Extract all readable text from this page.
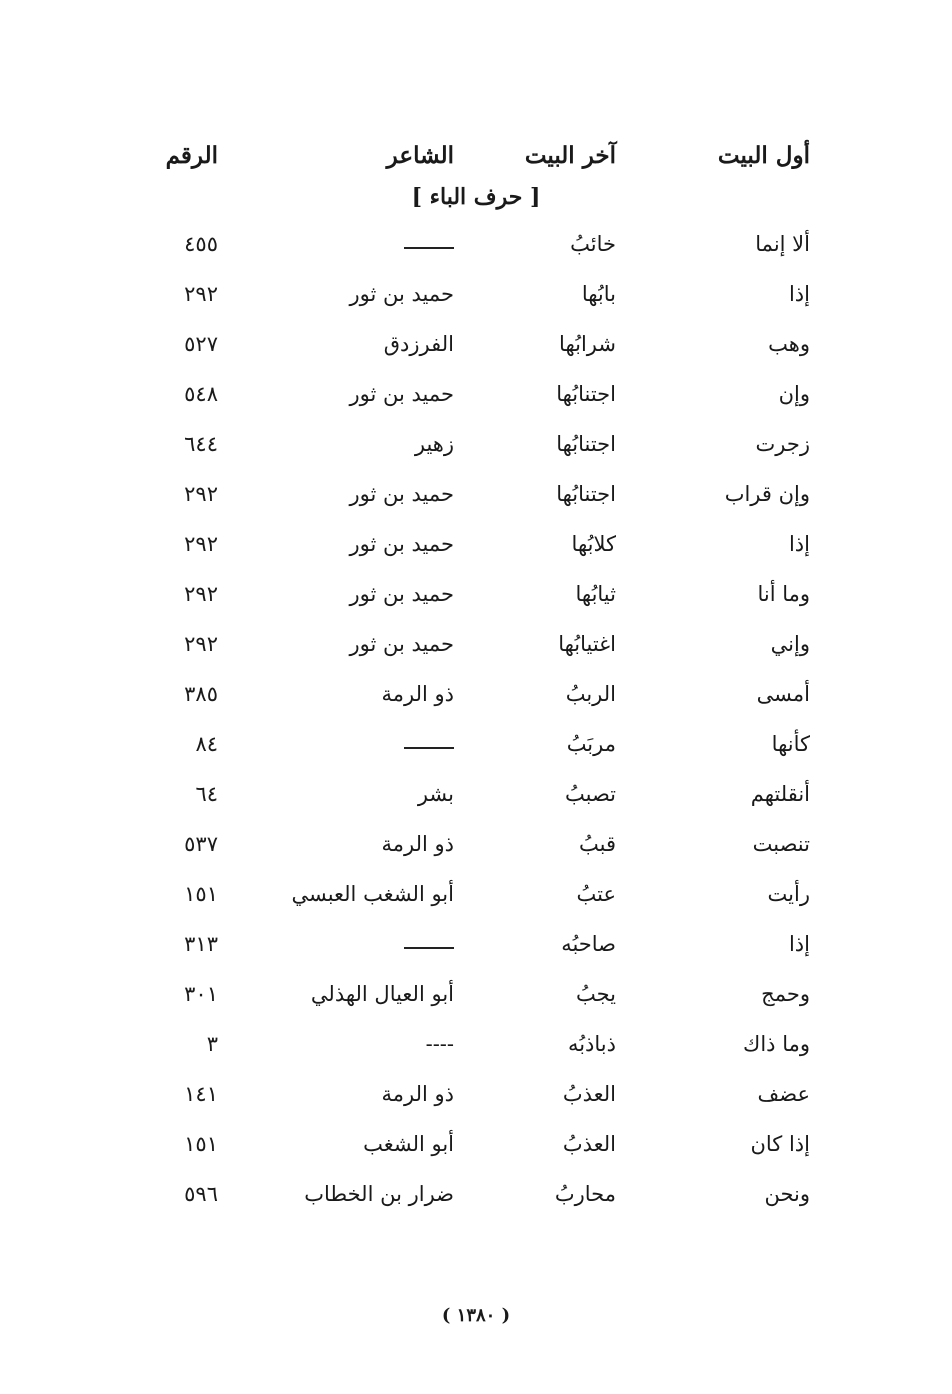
أول البيت
آخر البيت
الشاعر
الرقم
[ حرف الباء ]
ألا إنما
خائبُ
٤٥٥
إذا
بابُها
حميد بن ثور
٢٩٢
وهب
شرابُها
الفرزدق
٥٢٧
وإن
اجتنابُها
حميد بن ثور
٥٤٨
زجرت
اجتنابُها
زهير
٦٤٤
وإن قراب
اجتنابُها
حميد بن ثور
٢٩٢
إذا
كلابُها
حميد بن ثور
٢٩٢
وما أنا
ثيابُها
حميد بن ثور
٢٩٢
وإني
اغتيابُها
حميد بن ثور
٢٩٢
أمسى
الرببُ
ذو الرمة
٣٨٥
كأنها
مربَبُ
٨٤
أنقلتهم
تصببُ
بشر
٦٤
تنصبت
قببُ
ذو الرمة
٥٣٧
رأيت
عتبُ
أبو الشغب العبسي
١٥١
إذا
صاحبُه
٣١٣
وحمج
يجبُ
أبو العيال الهذلي
٣٠١
وما ذاك
ذباذبُه
----
٣
عضف
العذبُ
ذو الرمة
١٤١
إذا كان
العذبُ
أبو الشغب
١٥١
ونحن
محاربُ
ضرار بن الخطاب
٥٩٦
( ١٣٨٠ )
